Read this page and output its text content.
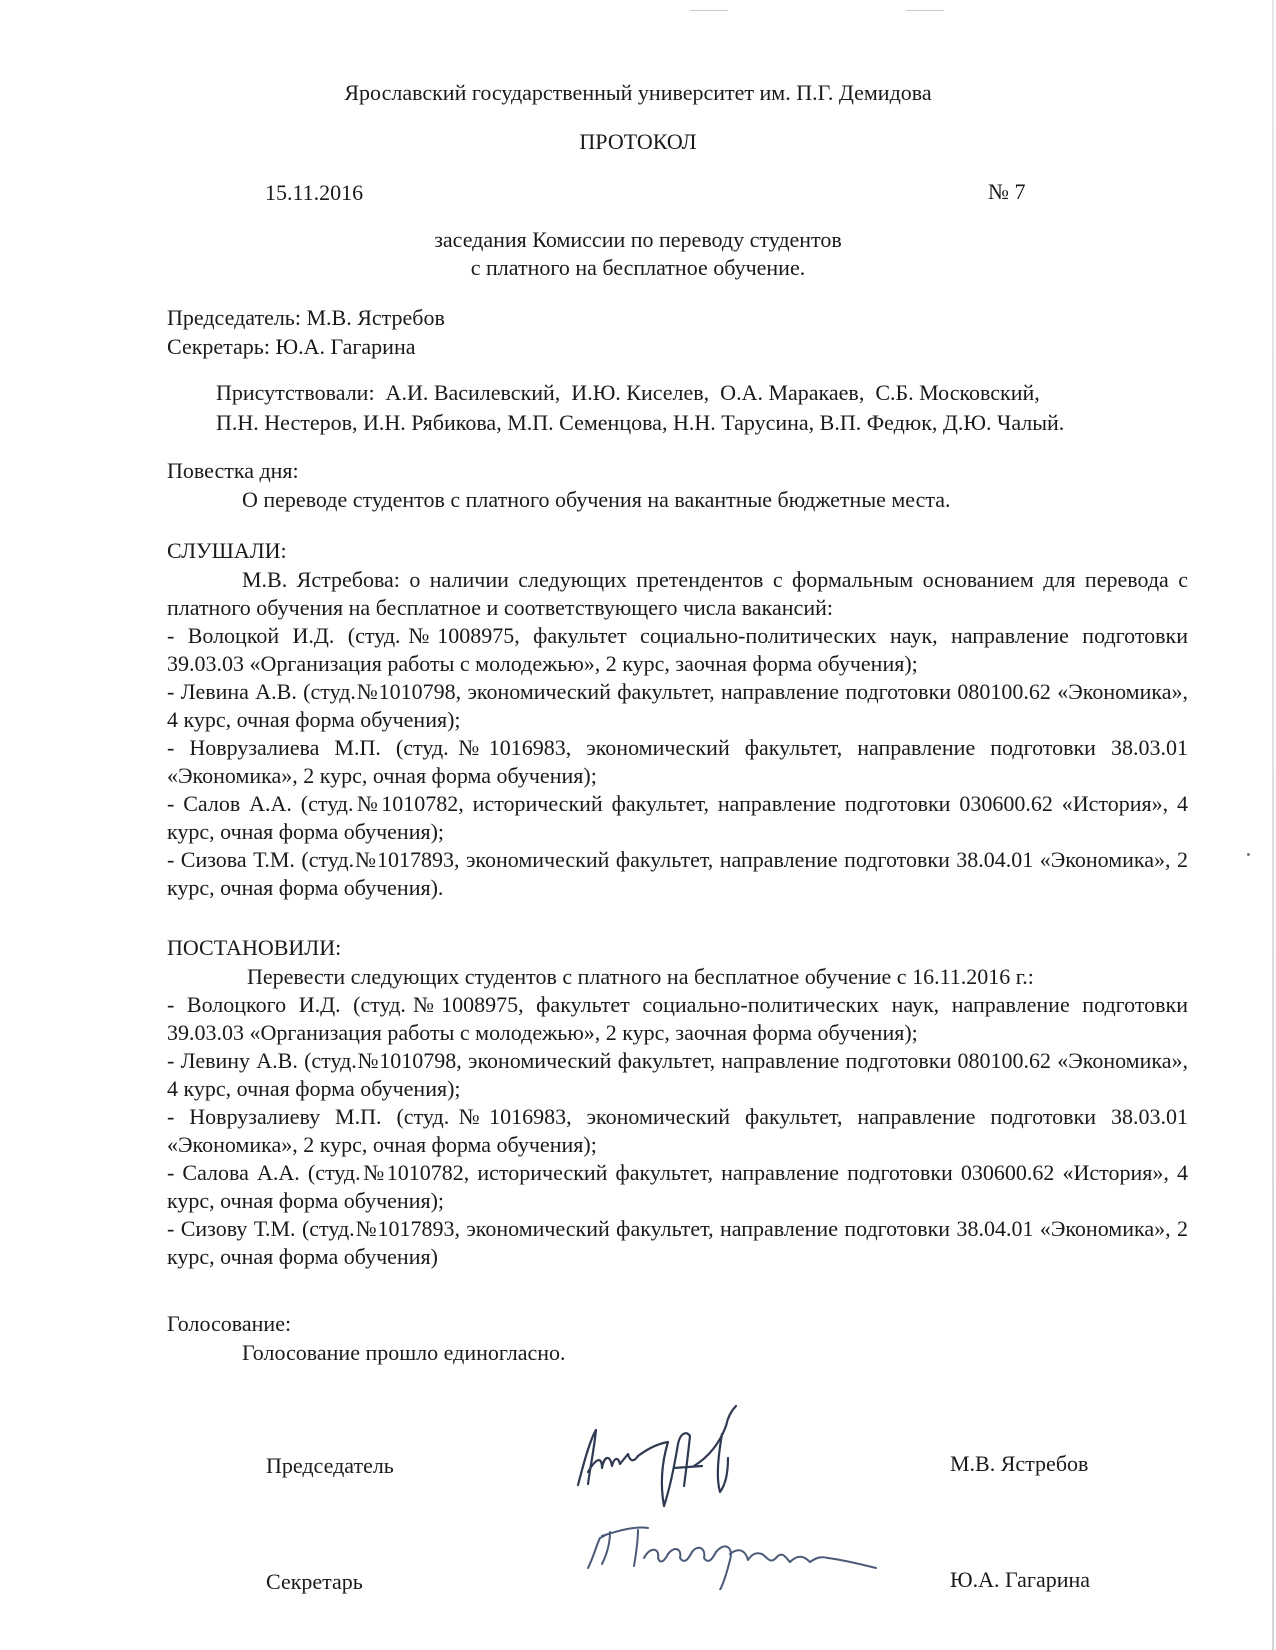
Ярославский государственный университет им. П.Г. Демидова

ПРОТОКОЛ

15.11.2016	№ 7

заседания Комиссии по переводу студентов

с платного на бесплатное обучение.

Председатель: М.В. Ястребов

Секретарь: Ю.А. Гагарина

Присутствовали:  А.И. Василевский,  И.Ю. Киселев,  О.А. Маракаев,  С.Б. Московский,

П.Н. Нестеров, И.Н. Рябикова, М.П. Семенцова, Н.Н. Тарусина, В.П. Федюк, Д.Ю. Чалый.

Повестка дня:

О переводе студентов с платного обучения на вакантные бюджетные места.

СЛУШАЛИ:

М.В. Ястребова: о наличии следующих претендентов с формальным основанием для перевода с платного обучения на бесплатное и соответствующего числа вакансий:

- Волоцкой И.Д. (студ.№1008975, факультет социально-политических наук, направление подготовки 39.03.03 «Организация работы с молодежью», 2 курс, заочная форма обучения);

- Левина А.В. (студ.№1010798, экономический факультет, направление подготовки 080100.62 «Экономика», 4 курс, очная форма обучения);

- Новрузалиева М.П. (студ.№1016983, экономический факультет, направление подготовки 38.03.01 «Экономика», 2 курс, очная форма обучения);

- Салов А.А. (студ.№1010782, исторический факультет, направление подготовки 030600.62 «История», 4 курс, очная форма обучения);

- Сизова Т.М. (студ.№1017893, экономический факультет, направление подготовки 38.04.01 «Экономика», 2 курс, очная форма обучения).

ПОСТАНОВИЛИ:

Перевести следующих студентов с платного на бесплатное обучение с 16.11.2016 г.:

- Волоцкого И.Д. (студ.№1008975, факультет социально-политических наук, направление подготовки 39.03.03 «Организация работы с молодежью», 2 курс, заочная форма обучения);

- Левину А.В. (студ.№1010798, экономический факультет, направление подготовки 080100.62 «Экономика», 4 курс, очная форма обучения);

- Новрузалиеву М.П. (студ.№1016983, экономический факультет, направление подготовки 38.03.01 «Экономика», 2 курс, очная форма обучения);

- Салова А.А. (студ.№1010782, исторический факультет, направление подготовки 030600.62 «История», 4 курс, очная форма обучения);

- Сизову Т.М. (студ.№1017893, экономический факультет, направление подготовки 38.04.01 «Экономика», 2 курс, очная форма обучения)

Голосование:

Голосование прошло единогласно.

Председатель	М.В. Ястребов

Секретарь	Ю.А. Гагарина
